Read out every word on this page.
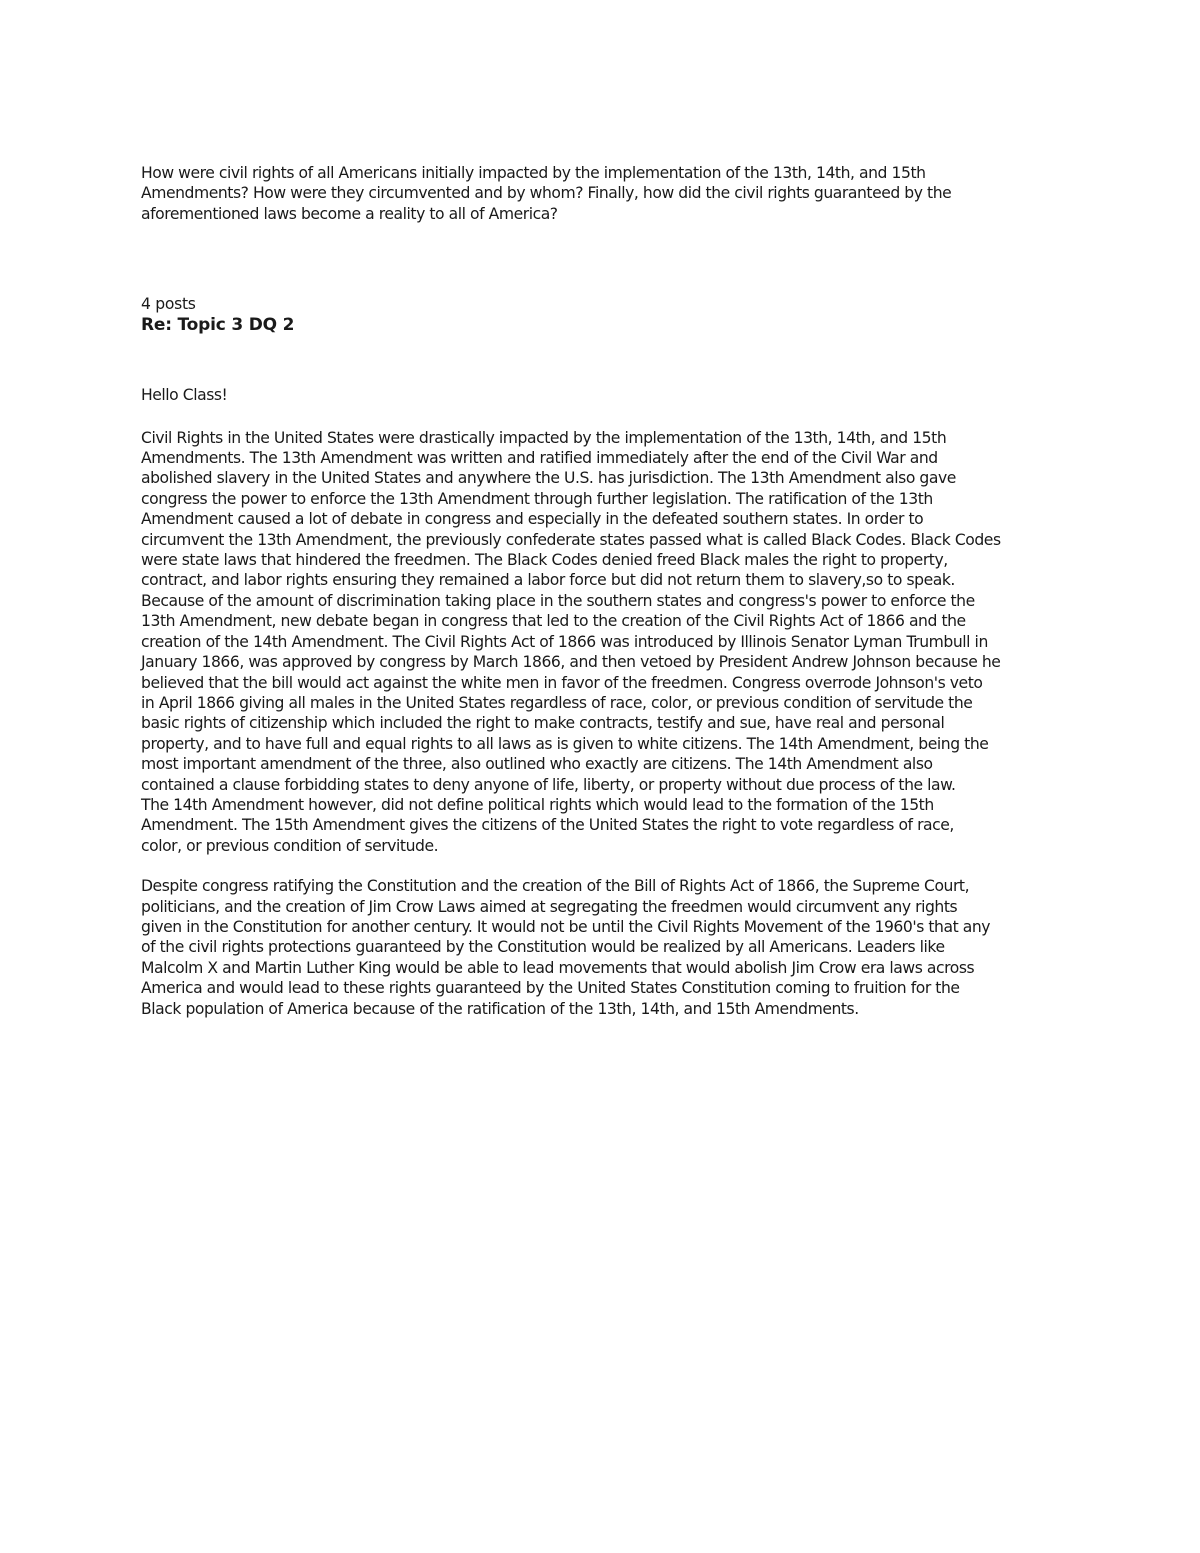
How were civil rights of all Americans initially impacted by the implementation of the 13th, 14th, and 15th
Amendments? How were they circumvented and by whom? Finally, how did the civil rights guaranteed by the
aforementioned laws become a reality to all of America?
4 posts
Re: Topic 3 DQ 2
Hello Class!
Civil Rights in the United States were drastically impacted by the implementation of the 13th, 14th, and 15th
Amendments. The 13th Amendment was written and ratified immediately after the end of the Civil War and
abolished slavery in the United States and anywhere the U.S. has jurisdiction. The 13th Amendment also gave
congress the power to enforce the 13th Amendment through further legislation. The ratification of the 13th
Amendment caused a lot of debate in congress and especially in the defeated southern states. In order to
circumvent the 13th Amendment, the previously confederate states passed what is called Black Codes. Black Codes
were state laws that hindered the freedmen. The Black Codes denied freed Black males the right to property,
contract, and labor rights ensuring they remained a labor force but did not return them to slavery,so to speak.
Because of the amount of discrimination taking place in the southern states and congress's power to enforce the
13th Amendment, new debate began in congress that led to the creation of the Civil Rights Act of 1866 and the
creation of the 14th Amendment. The Civil Rights Act of 1866 was introduced by Illinois Senator Lyman Trumbull in
January 1866, was approved by congress by March 1866, and then vetoed by President Andrew Johnson because he
believed that the bill would act against the white men in favor of the freedmen. Congress overrode Johnson's veto
in April 1866 giving all males in the United States regardless of race, color, or previous condition of servitude the
basic rights of citizenship which included the right to make contracts, testify and sue, have real and personal
property, and to have full and equal rights to all laws as is given to white citizens. The 14th Amendment, being the
most important amendment of the three, also outlined who exactly are citizens. The 14th Amendment also
contained a clause forbidding states to deny anyone of life, liberty, or property without due process of the law.
The 14th Amendment however, did not define political rights which would lead to the formation of the 15th
Amendment. The 15th Amendment gives the citizens of the United States the right to vote regardless of race,
color, or previous condition of servitude.
Despite congress ratifying the Constitution and the creation of the Bill of Rights Act of 1866, the Supreme Court,
politicians, and the creation of Jim Crow Laws aimed at segregating the freedmen would circumvent any rights
given in the Constitution for another century. It would not be until the Civil Rights Movement of the 1960's that any
of the civil rights protections guaranteed by the Constitution would be realized by all Americans. Leaders like
Malcolm X and Martin Luther King would be able to lead movements that would abolish Jim Crow era laws across
America and would lead to these rights guaranteed by the United States Constitution coming to fruition for the
Black population of America because of the ratification of the 13th, 14th, and 15th Amendments.
